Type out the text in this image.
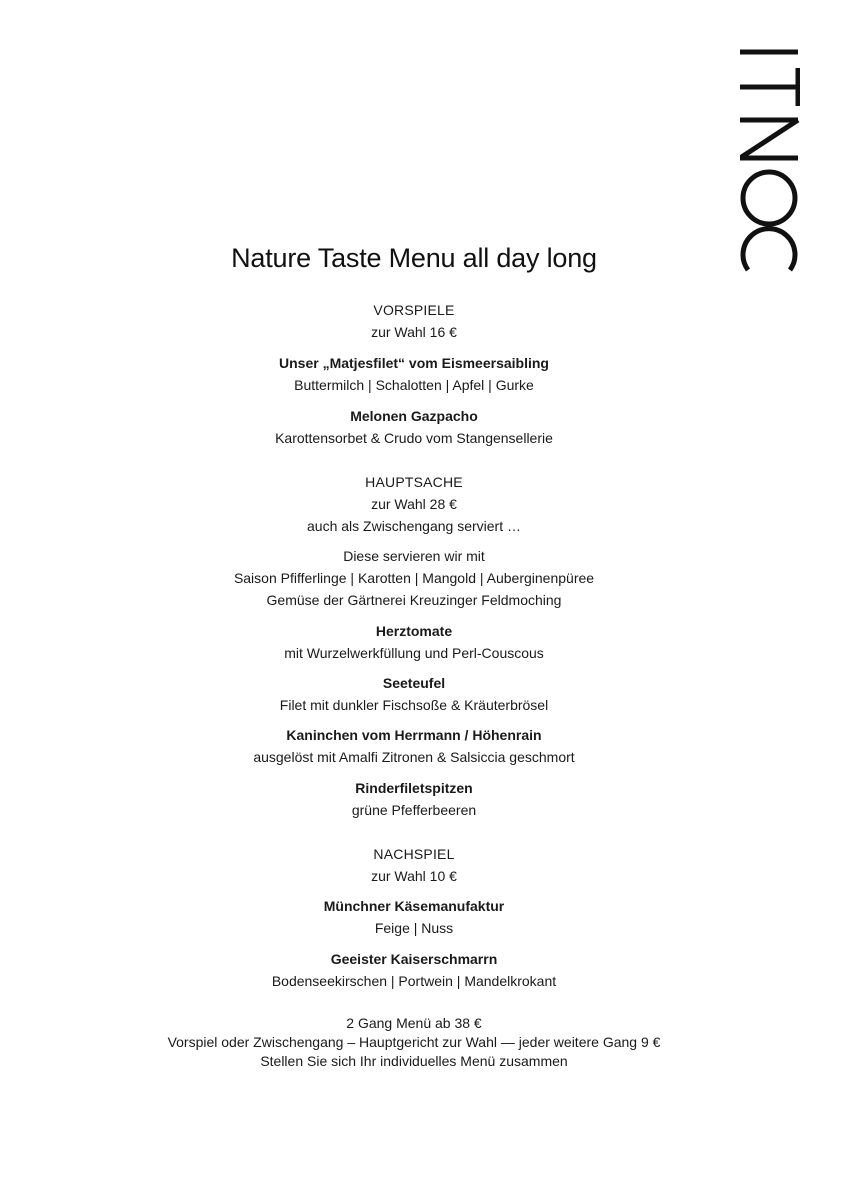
Nature Taste Menu all day long
VORSPIELE
zur Wahl 16 €
Unser „Matjesfilet“ vom Eismeersaibling
Buttermilch | Schalotten | Apfel | Gurke
Melonen Gazpacho
Karottensorbet & Crudo vom Stangensellerie
HAUPTSACHE
zur Wahl 28 €
auch als Zwischengang serviert …
Diese servieren wir mit
Saison Pfifferlinge | Karotten | Mangold | Auberginenpüree
Gemüse der Gärtnerei Kreuzinger Feldmoching
Herztomate
mit Wurzelwerkfüllung und Perl-Couscous
Seeteufel
Filet mit dunkler Fischsoße & Kräuterbrösel
Kaninchen vom Herrmann / Höhenrain
ausgelöst mit Amalfi Zitronen & Salsiccia geschmort
Rinderfiletspitzen
grüne Pfefferbeeren
NACHSPIEL
zur Wahl 10 €
Münchner Käsemanufaktur
Feige | Nuss
Geeister Kaiserschmarrn
Bodenseekirschen | Portwein | Mandelkrokant
2 Gang Menü ab 38 €
Vorspiel oder Zwischengang – Hauptgericht zur Wahl — jeder weitere Gang 9 €
Stellen Sie sich Ihr individuelles Menü zusammen
